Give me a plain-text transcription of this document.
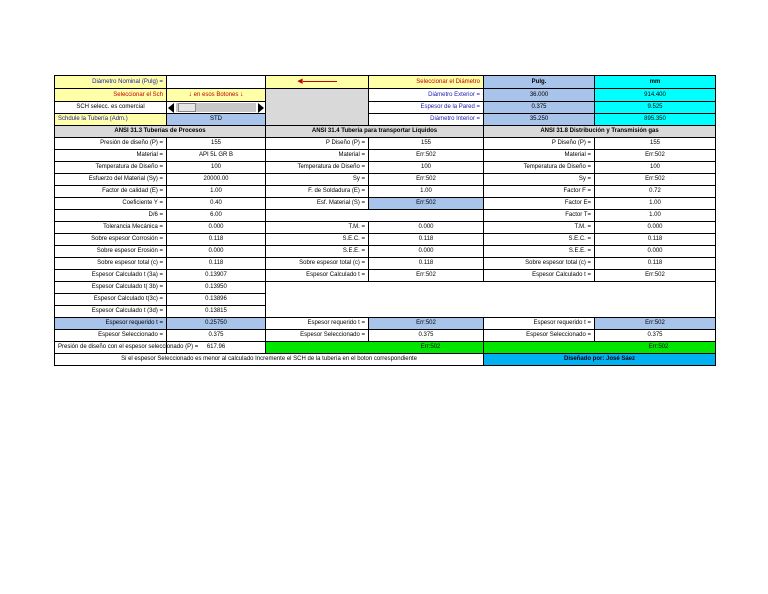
Diámetro Nominal (Pulg) =		◀	Seleccionar el Diámetro	Pulg.	mm
Seleccionar el Sch	↓ en esos Botones ↓		Diámetro Exterior =	36.000	914.400
SCH selecc. es comercial			Espesor de la Pared =	0.375	9.525
Schdule la Tubería (Adm.)	STD		Diámetro Interior =	35.250	895.350
ANSI 31.3 Tuberías de Procesos		ANSI 31.4 Tubería para transportar Líquidos		ANSI 31.8 Distribución y Transmisión gas	
Presión de diseño (P) =	155	P Diseño (P) =	155	P Diseño (P) =	155
Material =	API 5L GR B	Material =	Err:502	Material =	Err:502
Temperatura de Diseño =	100	Temperatura de Diseño =	100	Temperatura de Diseño =	100
Esfuerzo del Material (Sy) =	20000.00	Sy =	Err:502	Sy =	Err:502
Factor de calidad (E) =	1.00	F. de Soldadura (E) =	1.00	Factor F =	0.72
Coeficiente Y =	0.40	Esf. Material (S) =	Err:502	Factor E=	1.00
D/6 =	6.00			Factor T=	1.00
Tolerancia Mecánica =	0.000	T.M. =	0.000	T.M. =	0.000
Sobre espesor Corrosión =	0.118	S.E.C. =	0.118	S.E.C. =	0.118
Sobre espesor Erosión =	0.000	S.E.E. =	0.000	S.E.E. =	0.000
Sobre espesor total (c) =	0.118	Sobre espesor total (c) =	0.118	Sobre espesor total (c) =	0.118
Espesor Calculado t (3a) =	0.13907	Espesor Calculado t =	Err:502	Espesor Calculado t =	Err:502
Espesor Calculado t( 3b) =	0.13950				
Espesor Calculado t(3c) =	0.13896				
Espesor Calculado t (3d) =	0.13815				
Espesor requerido t =	0.25750	Espesor requerido t =	Err:502	Espesor requerido t =	Err:502
Espesor Seleccionado =	0.375	Espesor Seleccionado =	0.375	Espesor Seleccionado =	0.375
Presión de diseño con el espesor seleccionado (P) =	617.96	Err:502		Err:502	
Si el espesor Seleccionado es menor al calculado Incremente el SCH de la tubería en el boton correspondiente				Diseñado por: José Sáez	
